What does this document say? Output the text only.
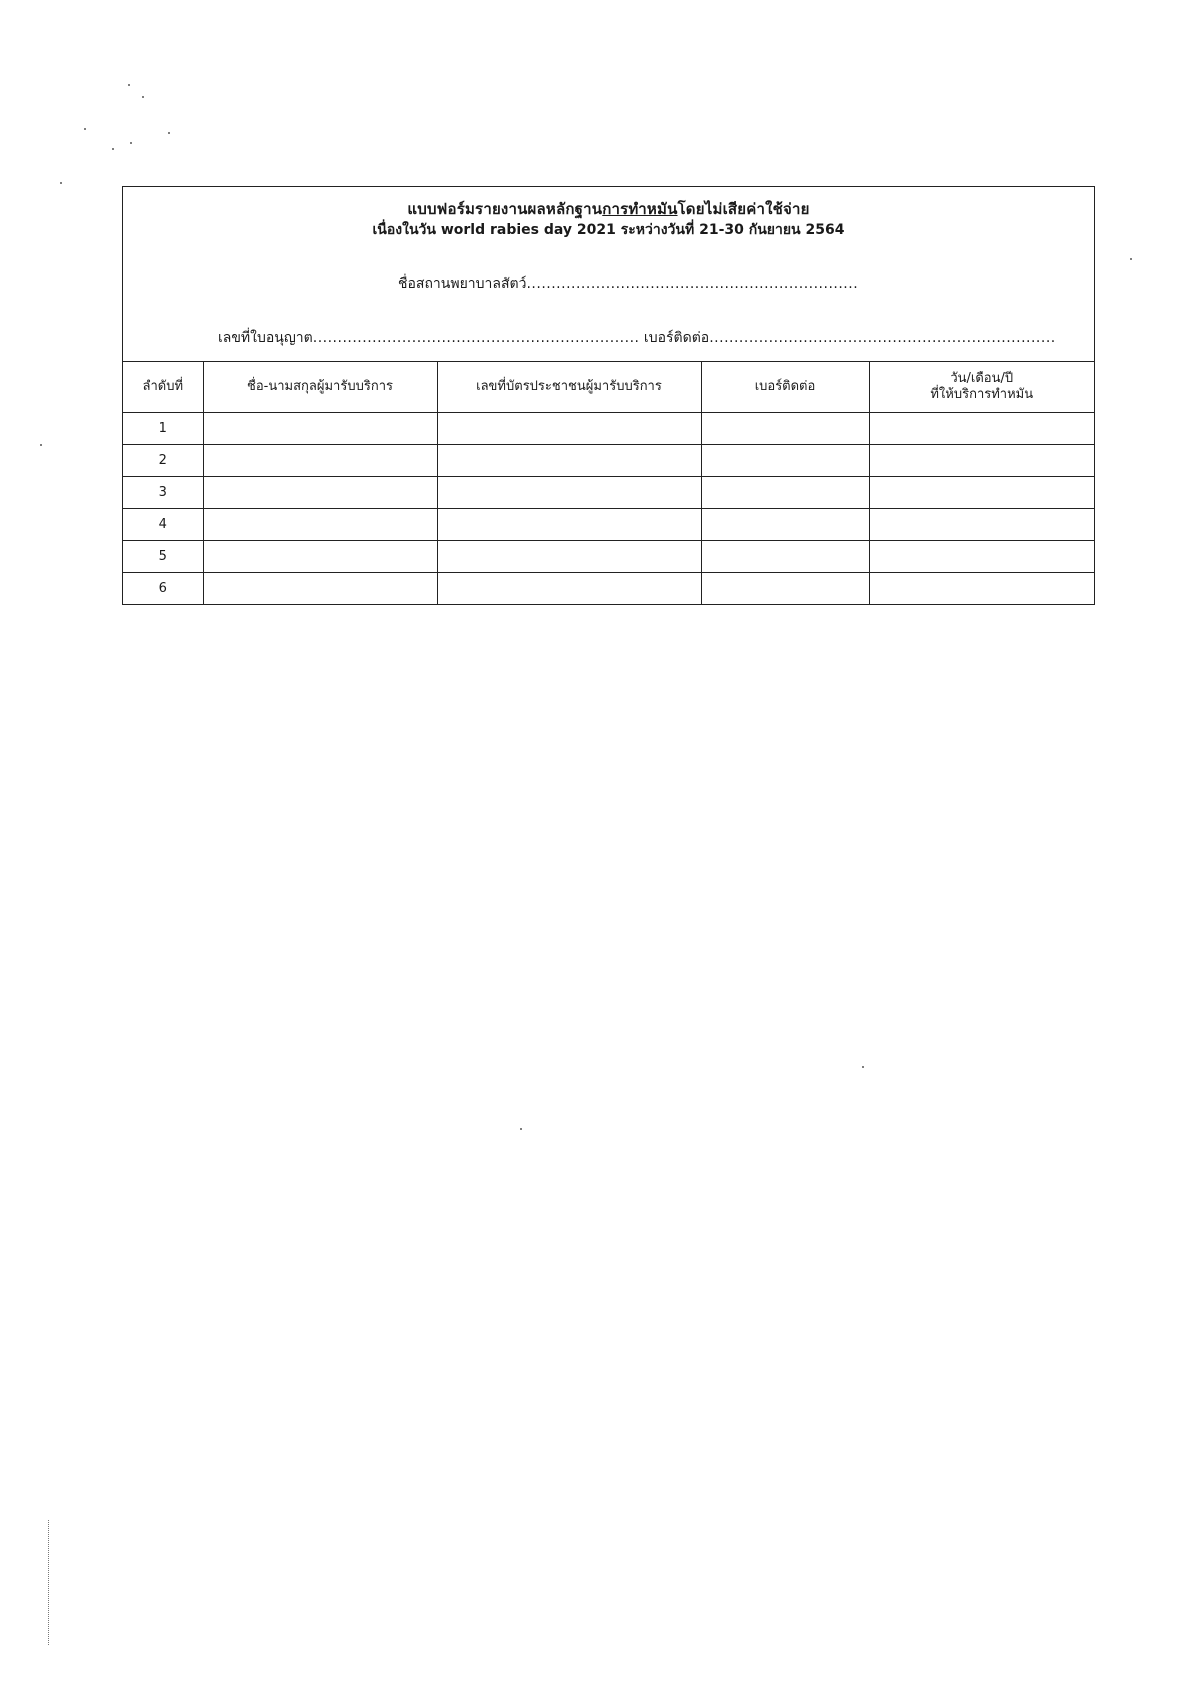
แบบฟอร์มรายงานผลหลักฐานการทำหมันโดยไม่เสียค่าใช้จ่าย
เนื่องในวัน world rabies day 2021 ระหว่างวันที่ 21-30 กันยายน 2564
ชื่อสถานพยาบาลสัตว์...................................................................
เลขที่ใบอนุญาต.................................................................. เบอร์ติดต่อ......................................................................
ลำดับที่	ชื่อ-นามสกุลผู้มารับบริการ	เลขที่บัตรประชาชนผู้มารับบริการ	เบอร์ติดต่อ	วัน/เดือน/ปี
ที่ให้บริการทำหมัน

1				
2				
3				
4				
5				
6				
